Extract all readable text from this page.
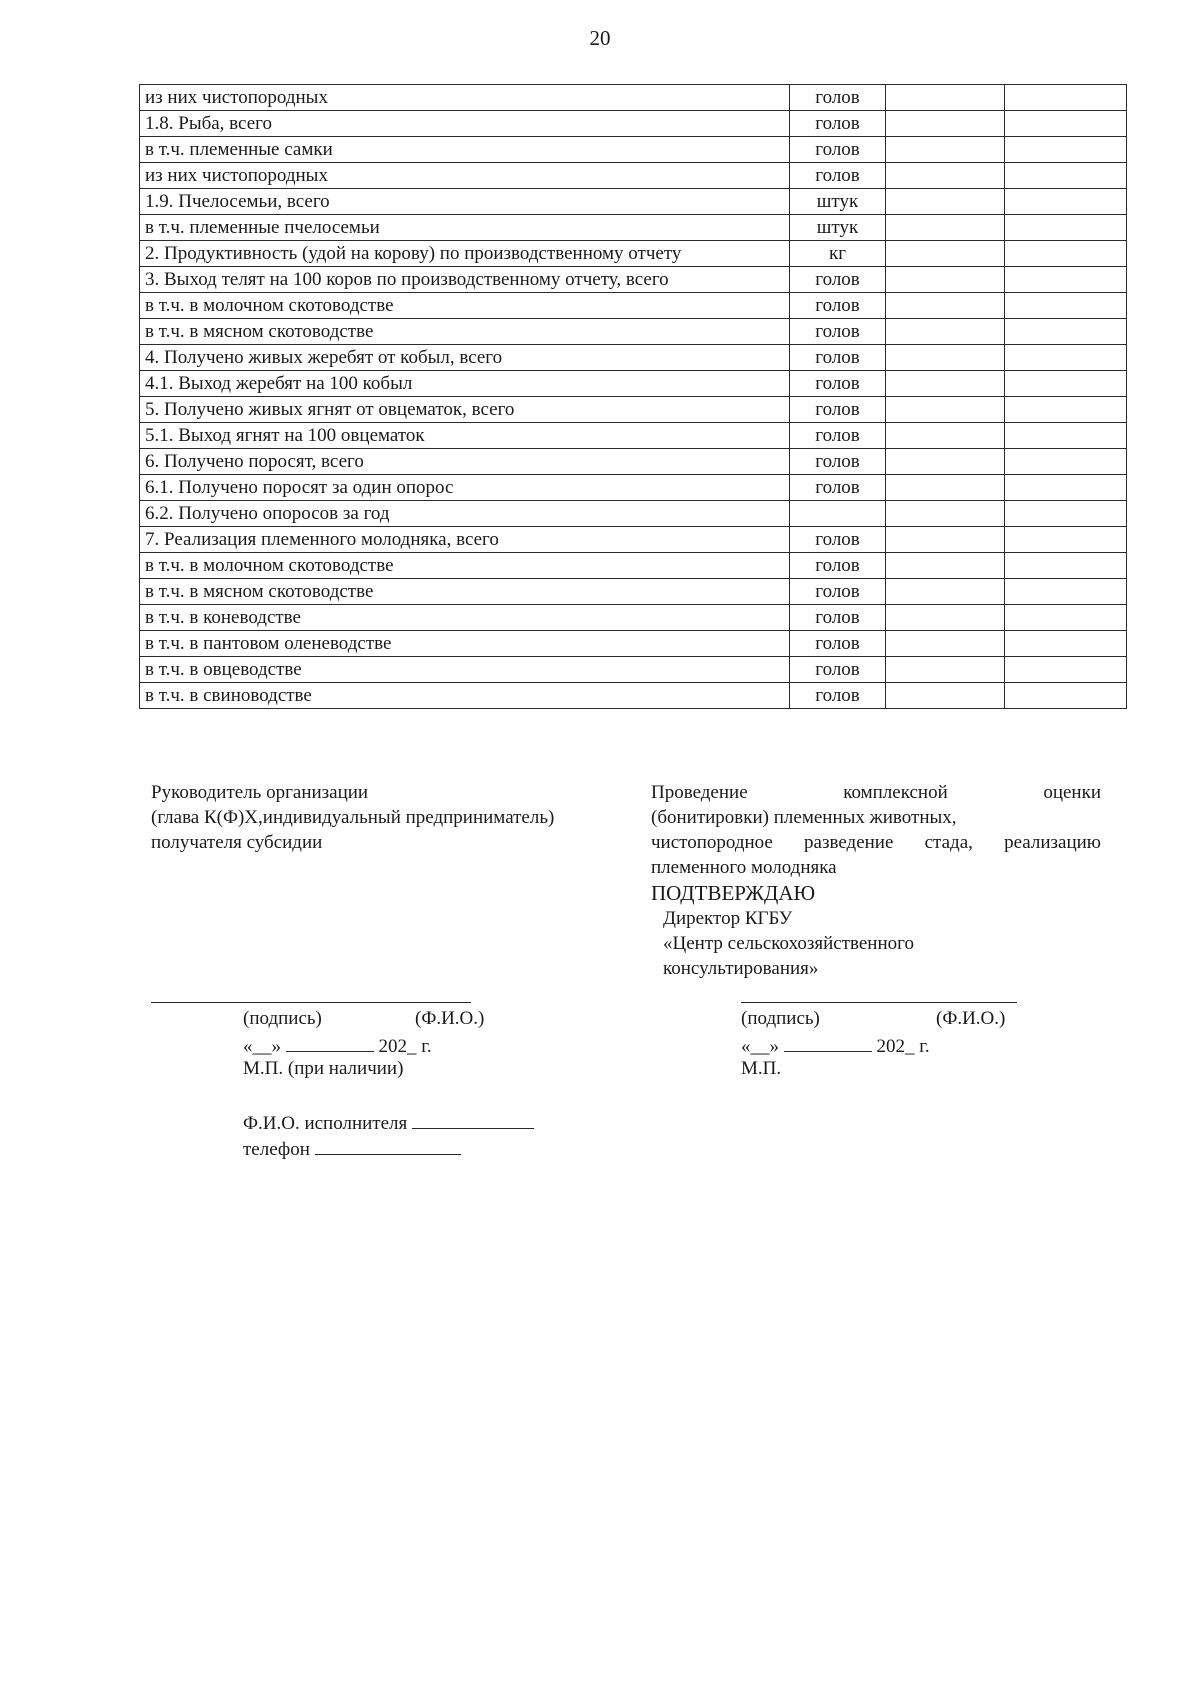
20
из них чистопородных	голов		
1.8. Рыба, всего	голов		
в т.ч. племенные самки	голов		
из них чистопородных	голов		
1.9. Пчелосемьи, всего	штук		
в т.ч. племенные пчелосемьи	штук		
2. Продуктивность (удой на корову) по производственному отчету	кг		
3. Выход телят на 100 коров по производственному отчету, всего	голов		
в т.ч. в молочном скотоводстве	голов		
в т.ч. в мясном скотоводстве	голов		
4. Получено живых жеребят от кобыл, всего	голов		
4.1. Выход жеребят на 100 кобыл	голов		
5. Получено живых ягнят от овцематок, всего	голов		
5.1. Выход ягнят на 100 овцематок	голов		
6. Получено поросят, всего	голов		
6.1. Получено поросят за один опорос	голов		
6.2. Получено опоросов за год			
7. Реализация племенного молодняка, всего	голов		
в т.ч. в молочном скотоводстве	голов		
в т.ч. в мясном скотоводстве	голов		
в т.ч. в коневодстве	голов		
в т.ч. в пантовом оленеводстве	голов		
в т.ч. в овцеводстве	голов		
в т.ч. в свиноводстве	голов		
Руководитель организации
(глава К(Ф)Х,индивидуальный предприниматель)
получателя субсидии
Проведение комплексной оценки
(бонитировки) племенных животных,
чистопородное разведение стада, реализацию
племенного молодняка
ПОДТВЕРЖДАЮ
Директор КГБУ
«Центр сельскохозяйственного
консультирования»
(подпись)	(Ф.И.О.)
«__»	202_ г.
М.П. (при наличии)
(подпись)	(Ф.И.О.)
«__»	202_ г.
М.П.
Ф.И.О. исполнителя
телефон
